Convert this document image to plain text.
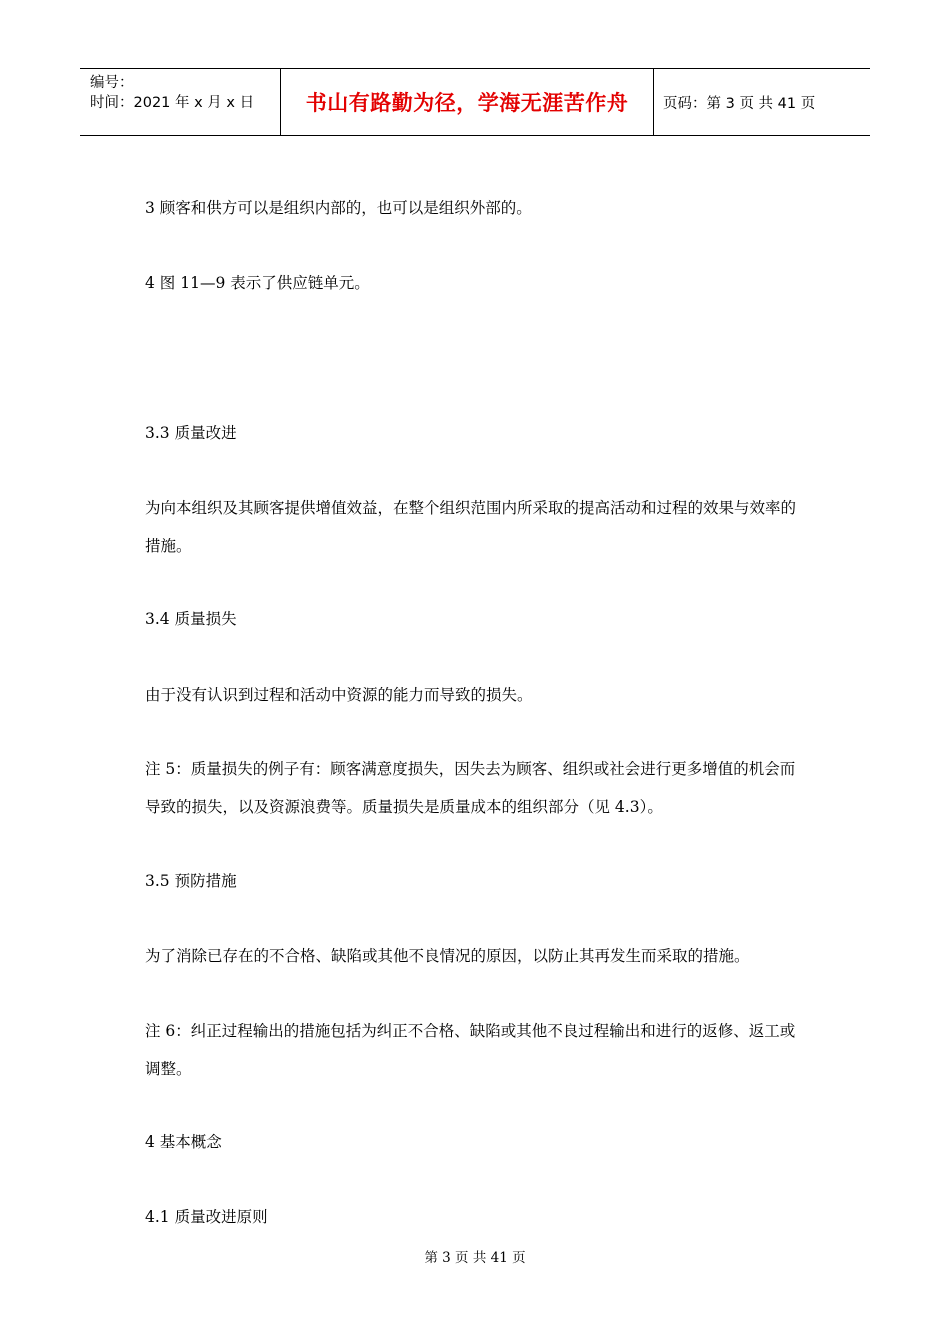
编号：
时间：2021 年 x 月 x 日	书山有路勤为径，学海无涯苦作舟	页码：第 3 页 共 41 页

3 顾客和供方可以是组织内部的，也可以是组织外部的。

4 图 11—9 表示了供应链单元。

3.3 质量改进

为向本组织及其顾客提供增值效益，在整个组织范围内所采取的提高活动和过程的效果与效率的措施。

3.4 质量损失

由于没有认识到过程和活动中资源的能力而导致的损失。

注 5：质量损失的例子有：顾客满意度损失，因失去为顾客、组织或社会进行更多增值的机会而导致的损失，以及资源浪费等。质量损失是质量成本的组织部分（见 4.3）。

3.5 预防措施

为了消除已存在的不合格、缺陷或其他不良情况的原因，以防止其再发生而采取的措施。

注 6：纠正过程输出的措施包括为纠正不合格、缺陷或其他不良过程输出和进行的返修、返工或调整。

4 基本概念

4.1 质量改进原则

第 3 页 共 41 页
